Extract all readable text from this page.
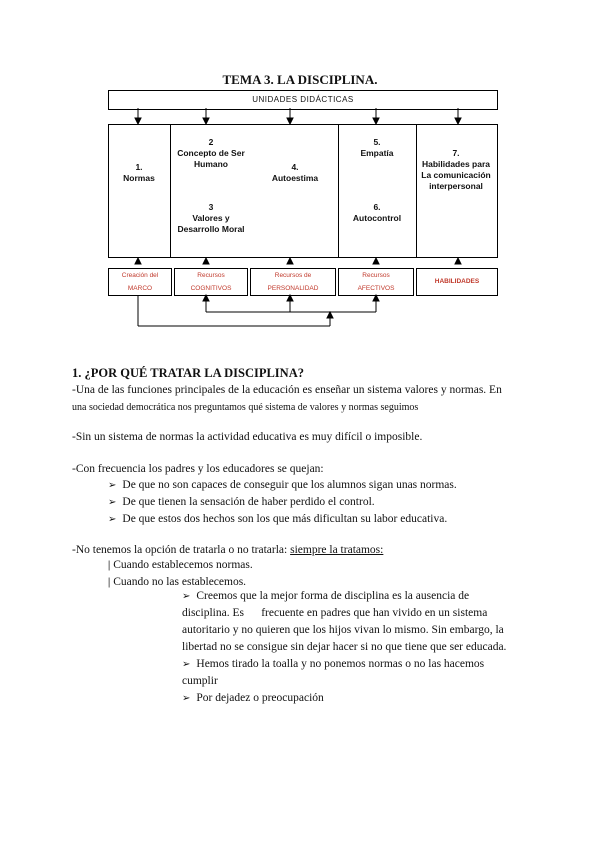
TEMA 3. LA DISCIPLINA.
UNIDADES DIDÁCTICAS
1.
Normas
2
Concepto de Ser Humano
3
Valores y Desarrollo Moral
4.
Autoestima
5.
Empatía
6.
Autocontrol
7.
Habilidades para La comunicación interpersonal
Creación del
MARCO
Recursos
COGNITIVOS
Recursos de
PERSONALIDAD
Recursos
AFECTIVOS
HABILIDADES
1. ¿POR QUÉ TRATAR LA DISCIPLINA?
-Una de las funciones principales de la educación es enseñar un sistema valores y normas. En
una sociedad democrática nos preguntamos qué sistema de valores y normas seguimos
-Sin un sistema de normas la actividad educativa es muy difícil o imposible.
-Con frecuencia los padres y los educadores se quejan:
➢ De que no son capaces de conseguir que los alumnos sigan unas normas.
➢ De que tienen la sensación de haber perdido el control.
➢ De que estos dos hechos son los que más dificultan su labor educativa.
-No tenemos la opción de tratarla o no tratarla: siempre la tratamos:
| Cuando establecemos normas.
| Cuando no las establecemos.
➢ Creemos que la mejor forma de disciplina es la ausencia de
disciplina. Es      frecuente en padres que han vivido en un sistema
autoritario y no quieren que los hijos vivan lo mismo. Sin embargo, la
libertad no se consigue sin dejar hacer si no que tiene que ser educada.
➢ Hemos tirado la toalla y no ponemos normas o no las hacemos
cumplir
➢ Por dejadez o preocupación
